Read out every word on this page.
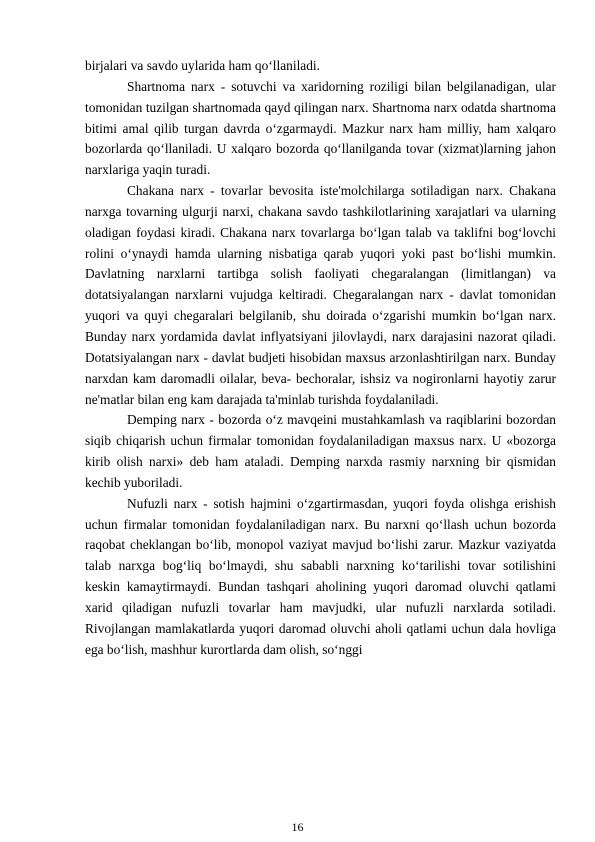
birjalari va savdo uylarida ham qo‘llaniladi.

Shartnoma narx - sotuvchi va xaridorning roziligi bilan belgilanadigan, ular tomonidan tuzilgan shartnomada qayd qilingan narx. Shartnoma narx odatda shartnoma bitimi amal qilib turgan davrda o‘zgarmaydi. Mazkur narx ham milliy, ham xalqaro bozorlarda qo‘llaniladi. U xalqaro bozorda qo‘llanilganda tovar (xizmat)larning jahon narxlariga yaqin turadi.

Chakana narx - tovarlar bevosita iste'molchilarga sotiladigan narx. Chakana narxga tovarning ulgurji narxi, chakana savdo tashkilotlarining xarajatlari va ularning oladigan foydasi kiradi. Chakana narx tovarlarga bo‘lgan talab va taklifni bog‘lovchi rolini o‘ynaydi hamda ularning nisbatiga qarab yuqori yoki past bo‘lishi mumkin. Davlatning narxlarni tartibga solish faoliyati chegaralangan (limitlangan) va dotatsiyalangan narxlarni vujudga keltiradi. Chegaralangan narx - davlat tomonidan yuqori va quyi chegaralari belgilanib, shu doirada o‘zgarishi mumkin bo‘lgan narx. Bunday narx yordamida davlat inflyatsiyani jilovlaydi, narx darajasini nazorat qiladi. Dotatsiyalangan narx - davlat budjeti hisobidan maxsus arzonlashtirilgan narx. Bunday narxdan kam daromadli oilalar, beva- bechoralar, ishsiz va nogironlarni hayotiy zarur ne'matlar bilan eng kam darajada ta'minlab turishda foydalaniladi.

Demping narx - bozorda o‘z mavqeini mustahkamlash va raqiblarini bozordan siqib chiqarish uchun firmalar tomonidan foydalaniladigan maxsus narx. U «bozorga kirib olish narxi» deb ham ataladi. Demping narxda rasmiy narxning bir qismidan kechib yuboriladi.

Nufuzli narx - sotish hajmini o‘zgartirmasdan, yuqori foyda olishga erishish uchun firmalar tomonidan foydalaniladigan narx. Bu narxni qo‘llash uchun bozorda raqobat cheklangan bo‘lib, monopol vaziyat mavjud bo‘lishi zarur. Mazkur vaziyatda talab narxga bog‘liq bo‘lmaydi, shu sababli narxning ko‘tarilishi tovar sotilishini keskin kamaytirmaydi. Bundan tashqari aholining yuqori daromad oluvchi qatlami xarid qiladigan nufuzli tovarlar ham mavjudki, ular nufuzli narxlarda sotiladi. Rivojlangan mamlakatlarda yuqori daromad oluvchi aholi qatlami uchun dala hovliga ega bo‘lish, mashhur kurortlarda dam olish, so‘nggi

16
